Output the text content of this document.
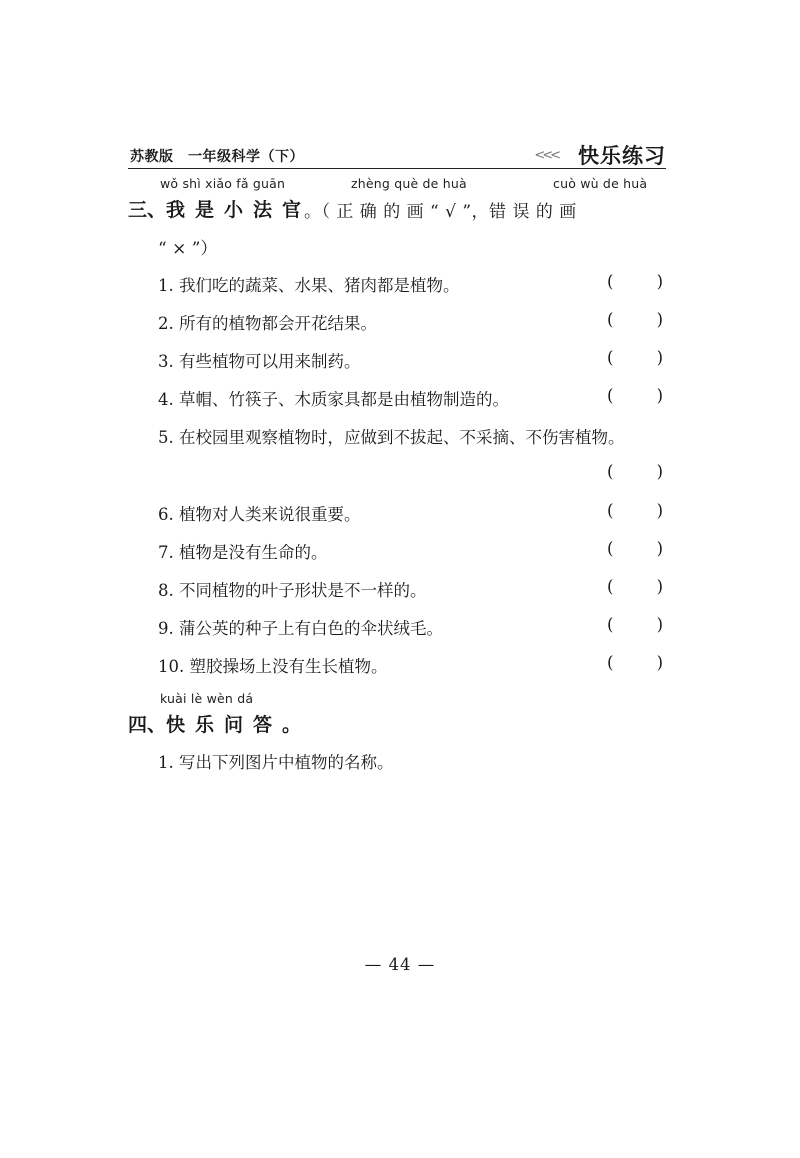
苏教版　一年级科学（下）	<<< 快乐练习
wǒ shì xiǎo fǎ guān	zhèng què de huà	cuò wù de huà
三、我是小法官
。（ 正 确 的 画 “ √ ”，错 误 的 画
“ × ”）
1. 我们吃的蔬菜、水果、猪肉都是植物。	(	)
2. 所有的植物都会开花结果。	(	)
3. 有些植物可以用来制药。	(	)
4. 草帽、竹筷子、木质家具都是由植物制造的。	(	)
5. 在校园里观察植物时，应做到不拔起、不采摘、不伤害植物。
(	)
6. 植物对人类来说很重要。	(	)
7. 植物是没有生命的。	(	)
8. 不同植物的叶子形状是不一样的。	(	)
9. 蒲公英的种子上有白色的伞状绒毛。	(	)
10. 塑胶操场上没有生长植物。	(	)
kuài lè wèn dá
四、快乐问答。
1. 写出下列图片中植物的名称。
— 44 —
